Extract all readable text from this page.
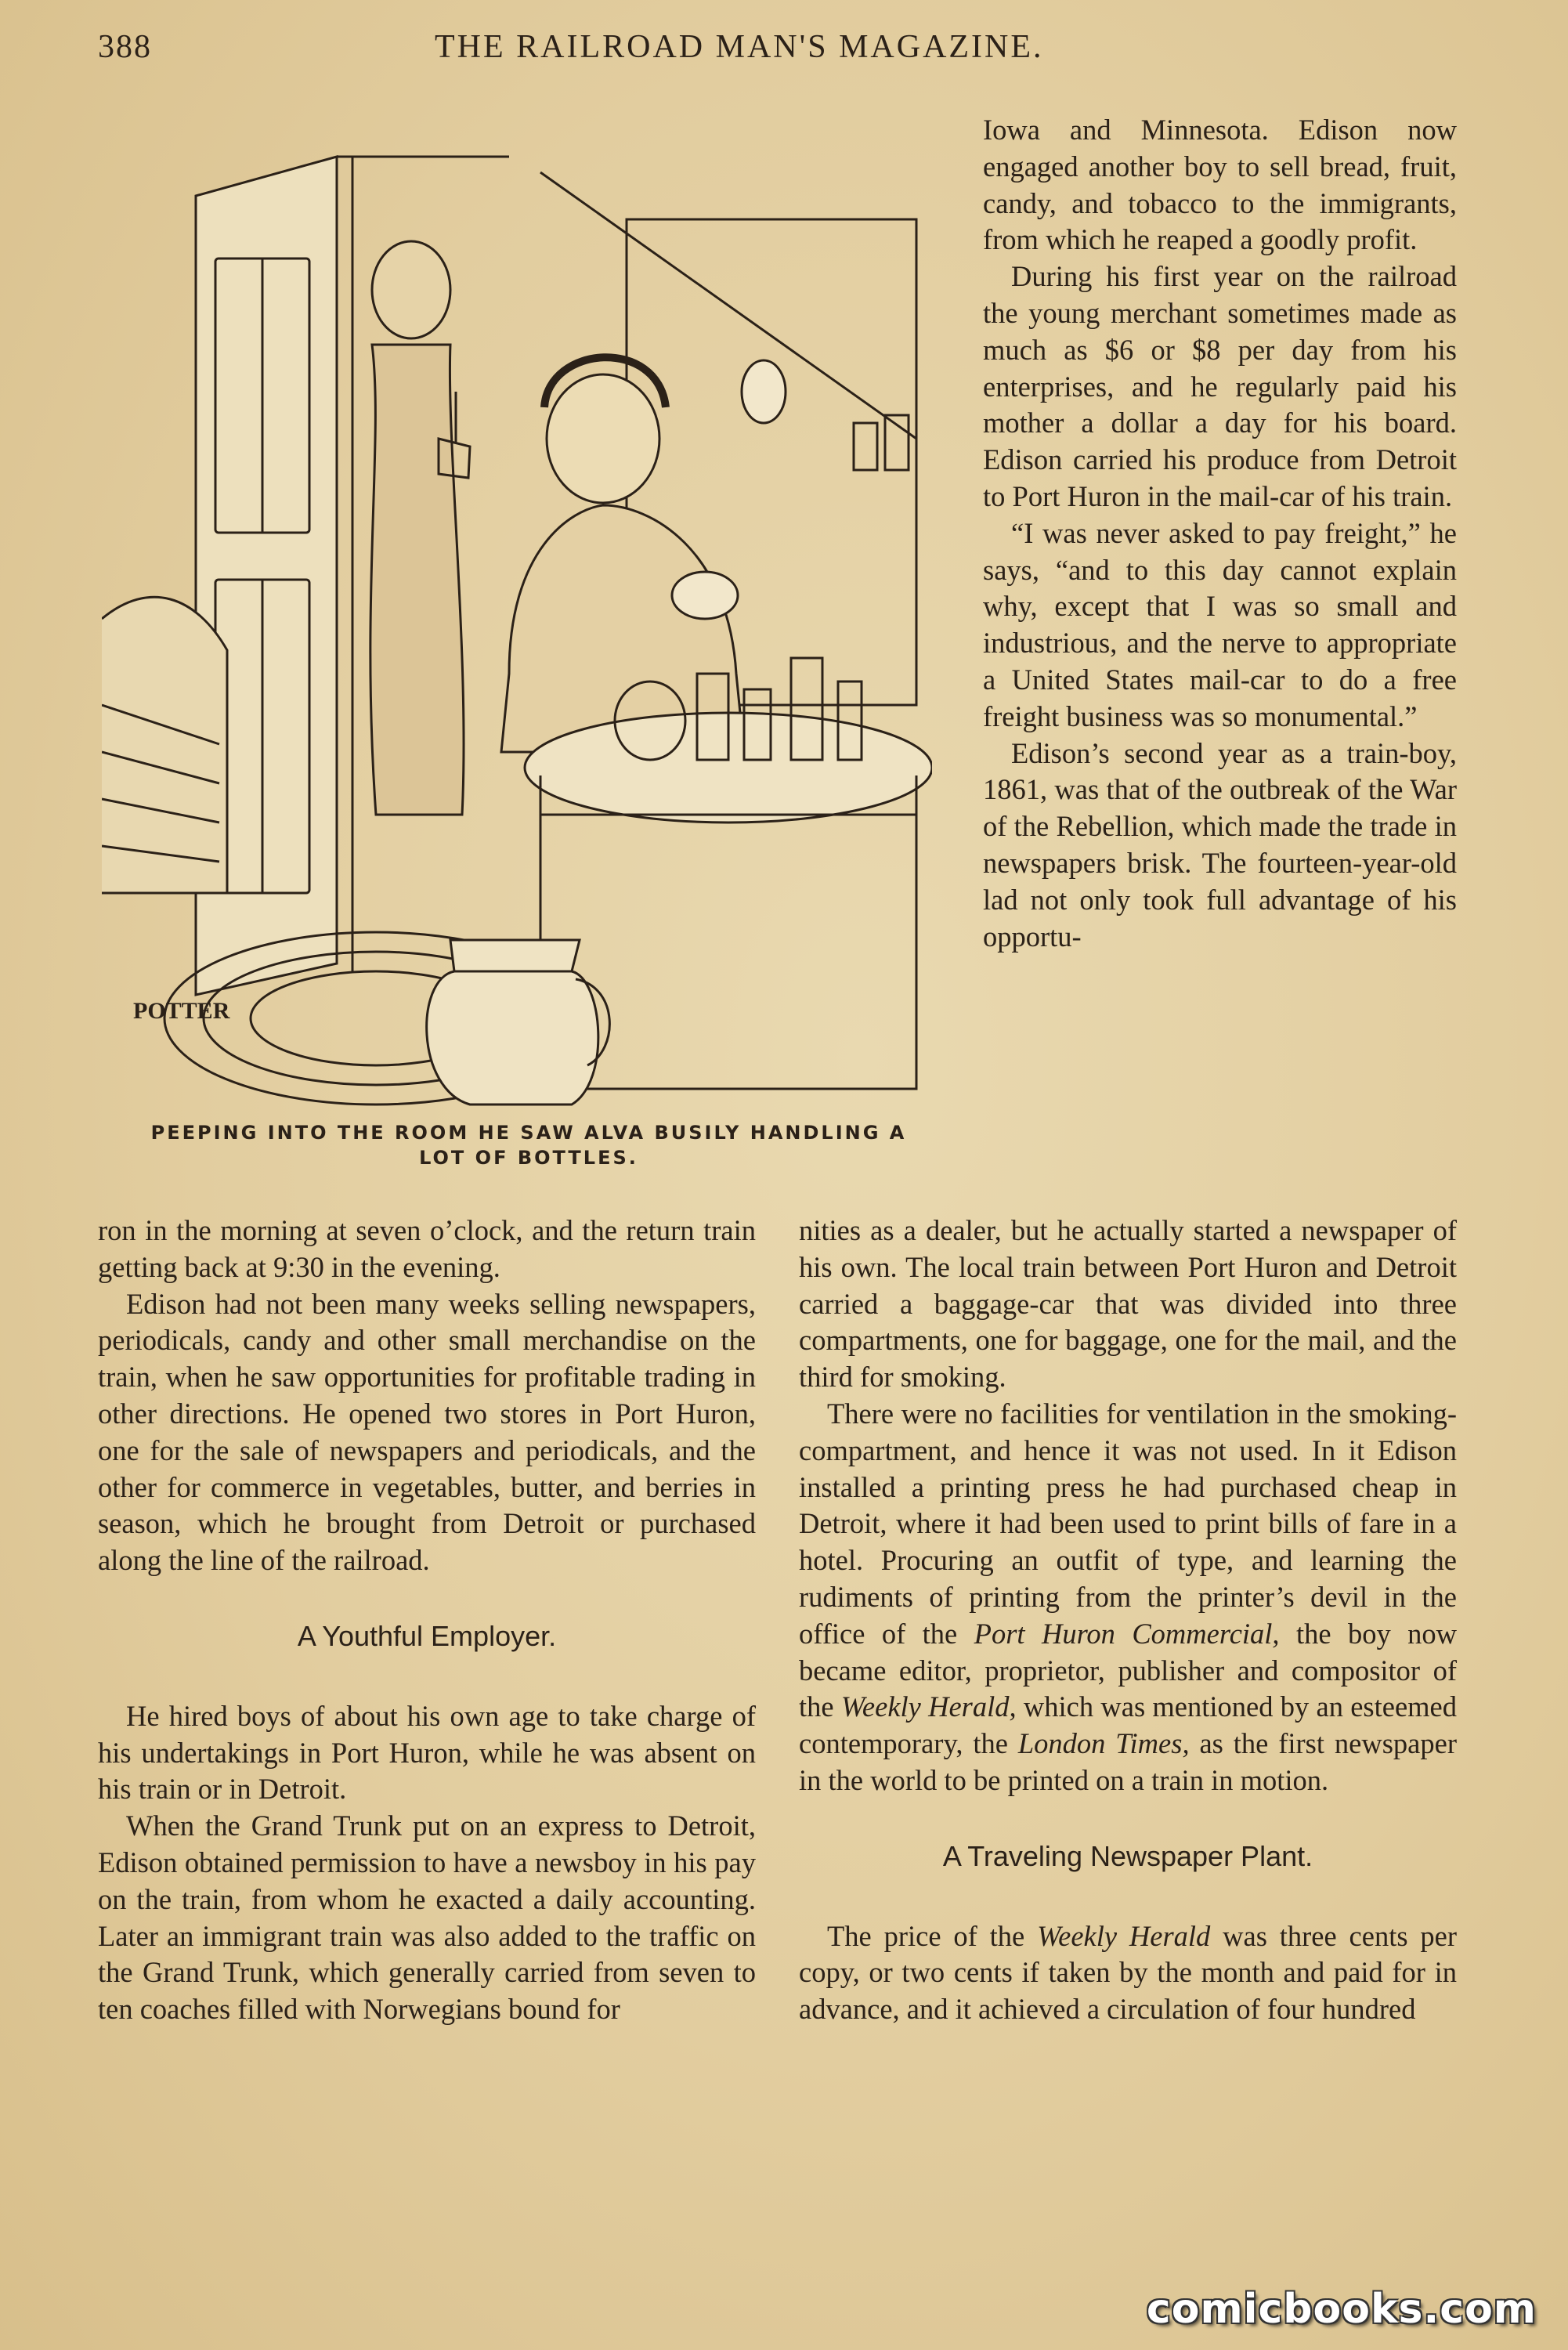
388	THE RAILROAD MAN'S MAGAZINE.
POTTER
PEEPING INTO THE ROOM HE SAW ALVA BUSILY HANDLING A
LOT OF BOTTLES.

Iowa and Minnesota. Edison now engaged another boy to sell bread, fruit, candy, and tobacco to the immigrants, from which he reaped a goodly profit.

During his first year on the railroad the young merchant sometimes made as much as $6 or $8 per day from his enterprises, and he regularly paid his mother a dollar a day for his board. Edison carried his produce from Detroit to Port Huron in the mail-car of his train.

“I was never asked to pay freight,” he says, “and to this day cannot explain why, except that I was so small and industrious, and the nerve to appropriate a United States mail-car to do a free freight business was so monumental.”

Edison’s second year as a train-boy, 1861, was that of the outbreak of the War of the Rebellion, which made the trade in newspapers brisk. The fourteen-year-old lad not only took full advantage of his opportu-

ron in the morning at seven o’clock, and the return train getting back at 9:30 in the evening.

Edison had not been many weeks selling newspapers, periodicals, candy and other small merchandise on the train, when he saw opportunities for profitable trading in other directions. He opened two stores in Port Huron, one for the sale of newspapers and periodicals, and the other for commerce in vegetables, butter, and berries in season, which he brought from Detroit or purchased along the line of the railroad.

A Youthful Employer.

He hired boys of about his own age to take charge of his undertakings in Port Huron, while he was absent on his train or in Detroit.

When the Grand Trunk put on an express to Detroit, Edison obtained permission to have a newsboy in his pay on the train, from whom he exacted a daily accounting. Later an immigrant train was also added to the traffic on the Grand Trunk, which generally carried from seven to ten coaches filled with Norwegians bound for

nities as a dealer, but he actually started a newspaper of his own. The local train between Port Huron and Detroit carried a baggage-car that was divided into three compartments, one for baggage, one for the mail, and the third for smoking.

There were no facilities for ventilation in the smoking-compartment, and hence it was not used. In it Edison installed a printing press he had purchased cheap in Detroit, where it had been used to print bills of fare in a hotel. Procuring an outfit of type, and learning the rudiments of printing from the printer’s devil in the office of the Port Huron Commercial, the boy now became editor, proprietor, publisher and compositor of the Weekly Herald, which was mentioned by an esteemed contemporary, the London Times, as the first newspaper in the world to be printed on a train in motion.

A Traveling Newspaper Plant.

The price of the Weekly Herald was three cents per copy, or two cents if taken by the month and paid for in advance, and it achieved a circulation of four hundred

comicbooks.com
